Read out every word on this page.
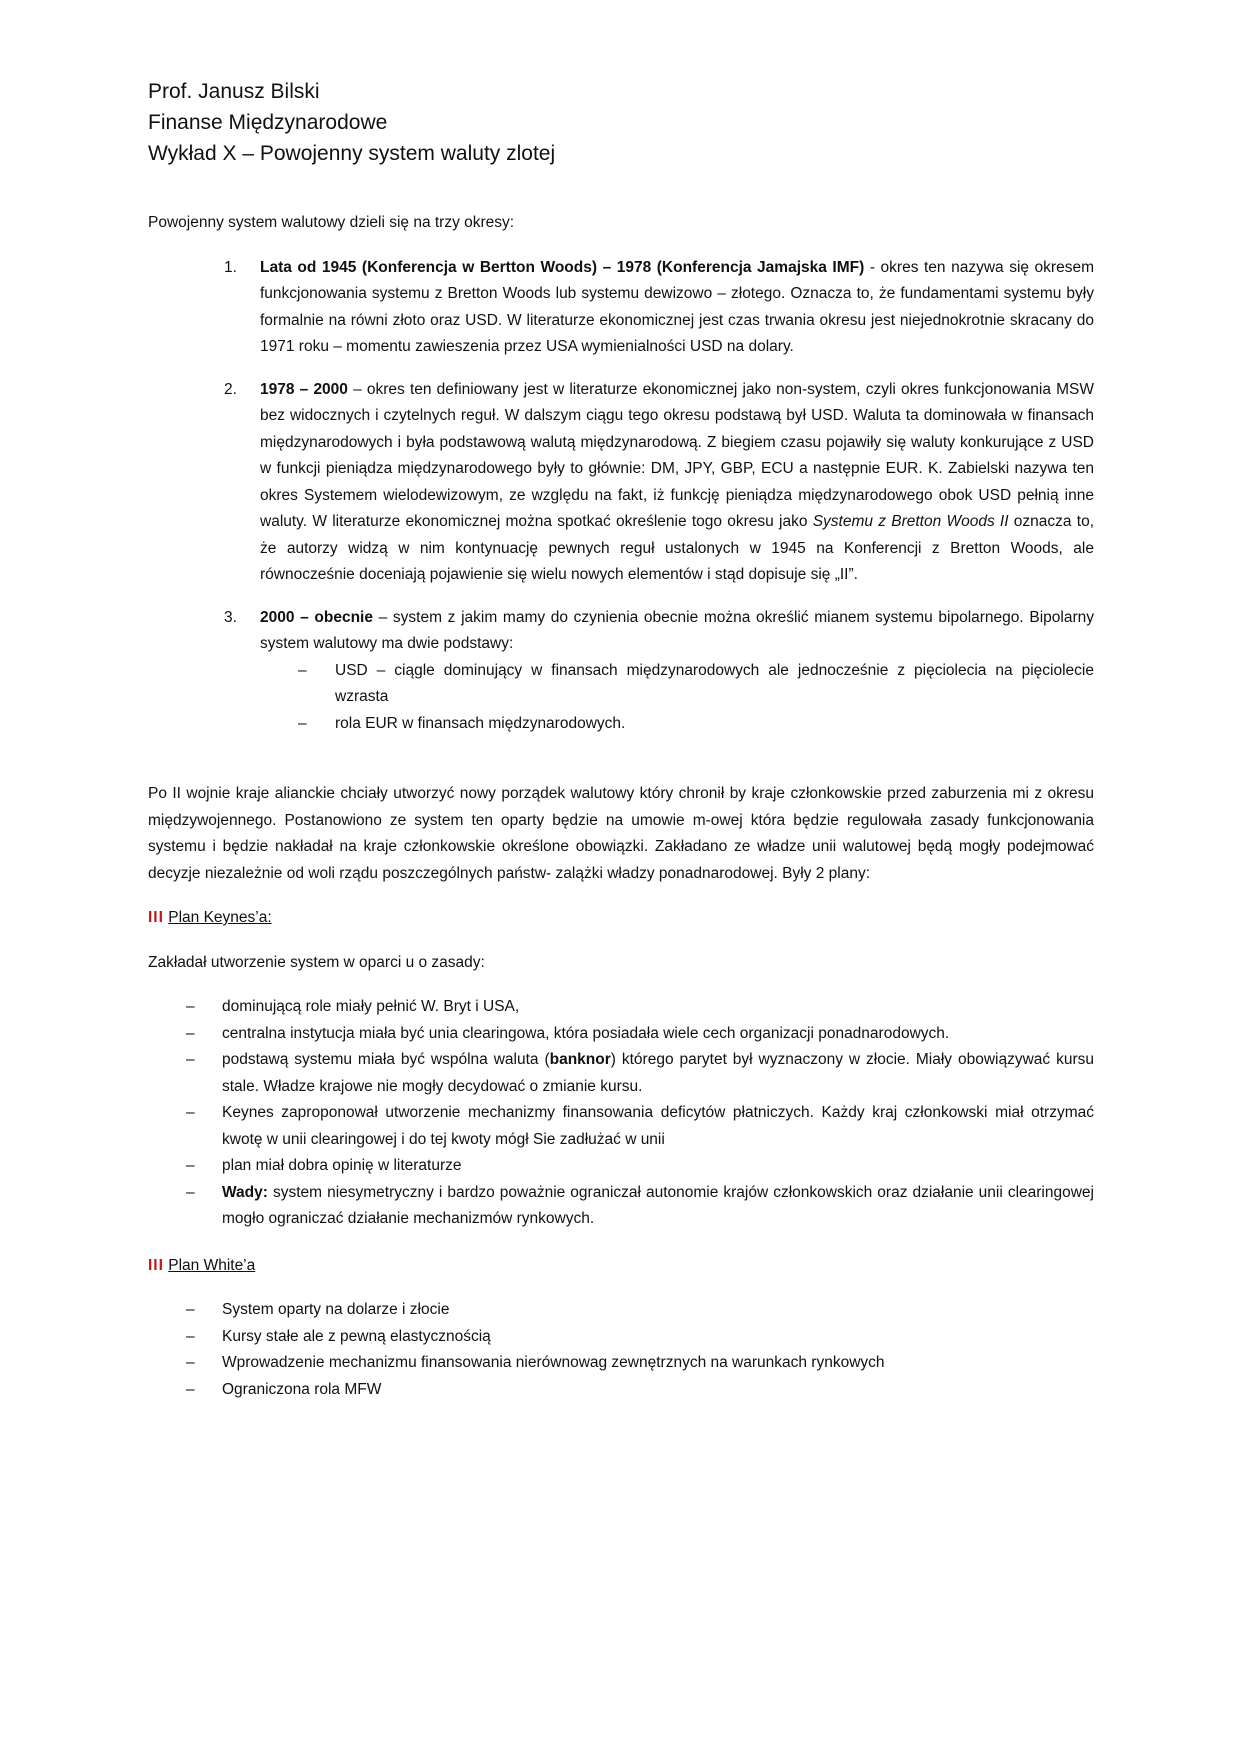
Prof. Janusz Bilski
Finanse Międzynarodowe
Wykład X – Powojenny system waluty zlotej

Powojenny system walutowy dzieli się na trzy okresy:

1. Lata od 1945 (Konferencja w Bertton Woods) – 1978 (Konferencja Jamajska IMF) - okres ten nazywa się okresem funkcjonowania systemu z Bretton Woods lub systemu dewizowo – złotego. Oznacza to, że fundamentami systemu były formalnie na równi złoto oraz USD. W literaturze ekonomicznej jest czas trwania okresu jest niejednokrotnie skracany do 1971 roku – momentu zawieszenia przez USA wymienialności USD na dolary.
2. 1978 – 2000 – okres ten definiowany jest w literaturze ekonomicznej jako non-system, czyli okres funkcjonowania MSW bez widocznych i czytelnych reguł. W dalszym ciągu tego okresu podstawą był USD. Waluta ta dominowała w finansach międzynarodowych i była podstawową walutą międzynarodową. Z biegiem czasu pojawiły się waluty konkurujące z USD w funkcji pieniądza międzynarodowego były to głównie: DM, JPY, GBP, ECU a następnie EUR. K. Zabielski nazywa ten okres Systemem wielodewizowym, ze względu na fakt, iż funkcję pieniądza międzynarodowego obok USD pełnią inne waluty. W literaturze ekonomicznej można spotkać określenie togo okresu jako Systemu z Bretton Woods II oznacza to, że autorzy widzą w nim kontynuację pewnych reguł ustalonych w 1945 na Konferencji z Bretton Woods, ale równocześnie doceniają pojawienie się wielu nowych elementów i stąd dopisuje się „II”.
3. 2000 – obecnie – system z jakim mamy do czynienia obecnie można określić mianem systemu bipolarnego. Bipolarny system walutowy ma dwie podstawy:
– USD – ciągle dominujący w finansach międzynarodowych ale jednocześnie z pięciolecia na pięciolecie wzrasta
– rola EUR w finansach międzynarodowych.

Po II wojnie kraje alianckie chciały utworzyć nowy porządek walutowy który chronił by kraje członkowskie przed zaburzenia mi z okresu międzywojennego. Postanowiono ze system ten oparty będzie na umowie m-owej która będzie regulowała zasady funkcjonowania systemu i będzie nakładał na kraje członkowskie określone obowiązki. Zakładano ze władze unii walutowej będą mogły podejmować decyzje niezależnie od woli rządu poszczególnych państw- zalążki władzy ponadnarodowej. Były 2 plany:

III Plan Keynes’a:

Zakładał utworzenie system w oparci u o zasady:

– dominującą role miały pełnić W. Bryt i USA,
– centralna instytucja miała być unia clearingowa, która posiadała wiele cech organizacji ponadnarodowych.
– podstawą systemu miała być wspólna waluta (banknor) którego parytet był wyznaczony w złocie. Miały obowiązywać kursu stale. Władze krajowe nie mogły decydować o zmianie kursu.
– Keynes zaproponował utworzenie mechanizmy finansowania deficytów płatniczych. Każdy kraj członkowski miał otrzymać kwotę w unii clearingowej i do tej kwoty mógł Sie zadłużać w unii
– plan miał dobra opinię w literaturze
– Wady: system niesymetryczny i bardzo poważnie ograniczał autonomie krajów członkowskich oraz działanie unii clearingowej mogło ograniczać działanie mechanizmów rynkowych.
III Plan White’a
– System oparty na dolarze i złocie
– Kursy stałe ale z pewną elastycznością
– Wprowadzenie mechanizmu finansowania nierównowag zewnętrznych na warunkach rynkowych
– Ograniczona rola MFW
